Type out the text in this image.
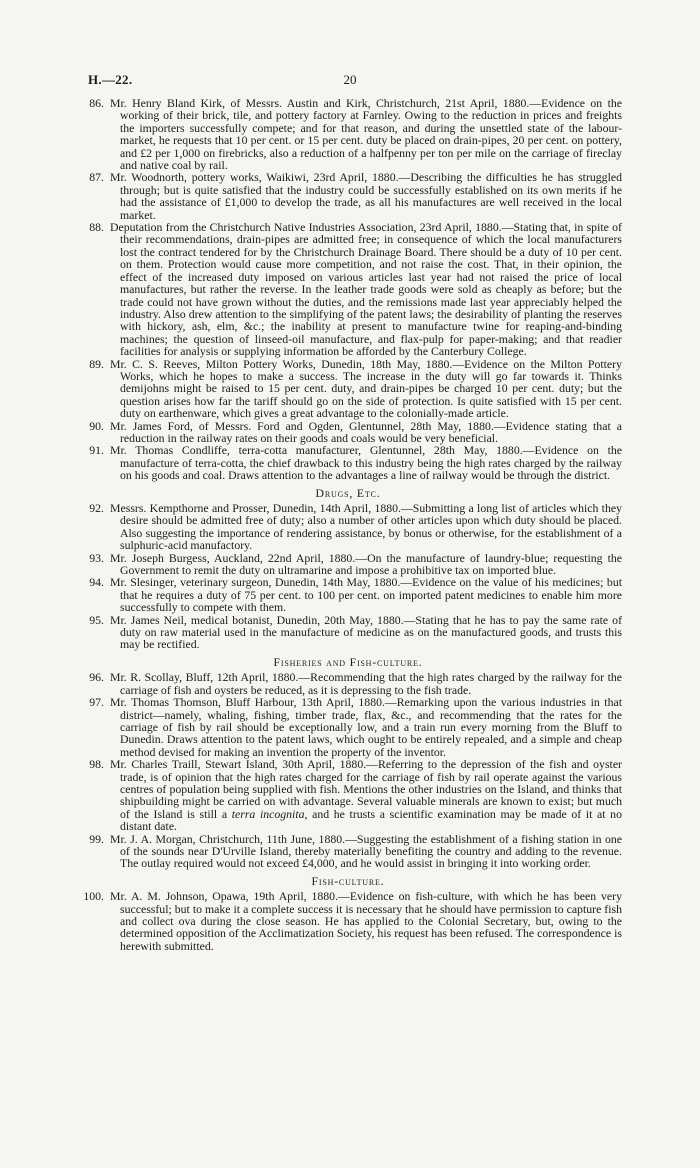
H.—22.	20

86. Mr. Henry Bland Kirk, of Messrs. Austin and Kirk, Christchurch, 21st April, 1880.—Evidence on the working of their brick, tile, and pottery factory at Farnley. Owing to the reduction in prices and freights the importers successfully compete; and for that reason, and during the unsettled state of the labour-market, he requests that 10 per cent. or 15 per cent. duty be placed on drain-pipes, 20 per cent. on pottery, and £2 per 1,000 on firebricks, also a reduction of a halfpenny per ton per mile on the carriage of fireclay and native coal by rail.

87. Mr. Woodnorth, pottery works, Waikiwi, 23rd April, 1880.—Describing the difficulties he has struggled through; but is quite satisfied that the industry could be successfully established on its own merits if he had the assistance of £1,000 to develop the trade, as all his manufactures are well received in the local market.

88. Deputation from the Christchurch Native Industries Association, 23rd April, 1880.—Stating that, in spite of their recommendations, drain-pipes are admitted free; in consequence of which the local manufacturers lost the contract tendered for by the Christchurch Drainage Board. There should be a duty of 10 per cent. on them. Protection would cause more competition, and not raise the cost. That, in their opinion, the effect of the increased duty imposed on various articles last year had not raised the price of local manufactures, but rather the reverse. In the leather trade goods were sold as cheaply as before; but the trade could not have grown without the duties, and the remissions made last year appreciably helped the industry. Also drew attention to the simplifying of the patent laws; the desirability of planting the reserves with hickory, ash, elm, &c.; the inability at present to manufacture twine for reaping-and-binding machines; the question of linseed-oil manufacture, and flax-pulp for paper-making; and that readier facilities for analysis or supplying information be afforded by the Canterbury College.

89. Mr. C. S. Reeves, Milton Pottery Works, Dunedin, 18th May, 1880.—Evidence on the Milton Pottery Works, which he hopes to make a success. The increase in the duty will go far towards it. Thinks demijohns might be raised to 15 per cent. duty, and drain-pipes be charged 10 per cent. duty; but the question arises how far the tariff should go on the side of protection. Is quite satisfied with 15 per cent. duty on earthenware, which gives a great advantage to the colonially-made article.

90. Mr. James Ford, of Messrs. Ford and Ogden, Glentunnel, 28th May, 1880.—Evidence stating that a reduction in the railway rates on their goods and coals would be very beneficial.

91. Mr. Thomas Condliffe, terra-cotta manufacturer, Glentunnel, 28th May, 1880.—Evidence on the manufacture of terra-cotta, the chief drawback to this industry being the high rates charged by the railway on his goods and coal. Draws attention to the advantages a line of railway would be through the district.

Drugs, Etc.

92. Messrs. Kempthorne and Prosser, Dunedin, 14th April, 1880.—Submitting a long list of articles which they desire should be admitted free of duty; also a number of other articles upon which duty should be placed. Also suggesting the importance of rendering assistance, by bonus or otherwise, for the establishment of a sulphuric-acid manufactory.

93. Mr. Joseph Burgess, Auckland, 22nd April, 1880.—On the manufacture of laundry-blue; requesting the Government to remit the duty on ultramarine and impose a prohibitive tax on imported blue.

94. Mr. Slesinger, veterinary surgeon, Dunedin, 14th May, 1880.—Evidence on the value of his medicines; but that he requires a duty of 75 per cent. to 100 per cent. on imported patent medicines to enable him more successfully to compete with them.

95. Mr. James Neil, medical botanist, Dunedin, 20th May, 1880.—Stating that he has to pay the same rate of duty on raw material used in the manufacture of medicine as on the manufactured goods, and trusts this may be rectified.

Fisheries and Fish-culture.

96. Mr. R. Scollay, Bluff, 12th April, 1880.—Recommending that the high rates charged by the railway for the carriage of fish and oysters be reduced, as it is depressing to the fish trade.

97. Mr. Thomas Thomson, Bluff Harbour, 13th April, 1880.—Remarking upon the various industries in that district—namely, whaling, fishing, timber trade, flax, &c., and recommending that the rates for the carriage of fish by rail should be exceptionally low, and a train run every morning from the Bluff to Dunedin. Draws attention to the patent laws, which ought to be entirely repealed, and a simple and cheap method devised for making an invention the property of the inventor.

98. Mr. Charles Traill, Stewart Island, 30th April, 1880.—Referring to the depression of the fish and oyster trade, is of opinion that the high rates charged for the carriage of fish by rail operate against the various centres of population being supplied with fish. Mentions the other industries on the Island, and thinks that shipbuilding might be carried on with advantage. Several valuable minerals are known to exist; but much of the Island is still a terra incognita, and he trusts a scientific examination may be made of it at no distant date.

99. Mr. J. A. Morgan, Christchurch, 11th June, 1880.—Suggesting the establishment of a fishing station in one of the sounds near D'Urville Island, thereby materially benefiting the country and adding to the revenue. The outlay required would not exceed £4,000, and he would assist in bringing it into working order.

Fish-culture.

100. Mr. A. M. Johnson, Opawa, 19th April, 1880.—Evidence on fish-culture, with which he has been very successful; but to make it a complete success it is necessary that he should have permission to capture fish and collect ova during the close season. He has applied to the Colonial Secretary, but, owing to the determined opposition of the Acclimatization Society, his request has been refused. The correspondence is herewith submitted.
